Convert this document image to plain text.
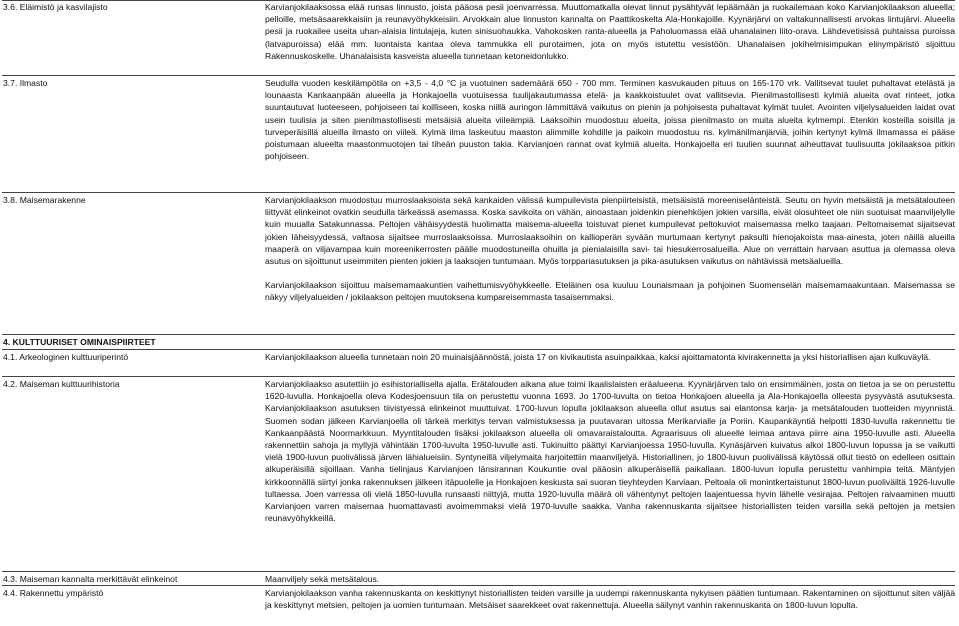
3.6. Eläimistö ja kasvilajisto	Karvianjokilaaksossa elää runsas linnusto, joista pääosa pesii joenvarressa. Muuttomatkalla olevat linnut pysähtyvät lepäämään ja ruokailemaan koko Karvianjokilaakson alueella; pelloille, metsäsaarekkaisiin ja reunavyöhykkeisiin. Arvokkain alue linnuston kannalta on Paattikoskelta Ala-Honkajoille. Kyynärjärvi on valtakunnallisesti arvokas lintujärvi. Alueella pesii ja ruokailee useita uhan-alaisia lintulajeja, kuten sinisuohaukka. Vahokosken ranta-alueella ja Paholuomassa elää uhanalainen liito-orava. Lähdevetisissä puhtaissa puroissa (latvapuroissa) elää mm. luontaista kantaa oleva tammukka eli purotaimen, jota on myös istutettu vesistöön. Uhanalaisen jokihelmisimpukan elinympäristö sijoittuu Rakennuskoskelle. Uhanalaisista kasveista alueella tunnetaan ketoneidonlukko.
3.7. Ilmasto	Seudulla vuoden keskilämpötila on +3,5 - 4,0 °C ja vuotuinen sademäärä 650 - 700 mm. Terminen kasvukauden pituus on 165-170 vrk. Vallitsevat tuulet puhaltavat etelästä ja lounaasta Kankaanpään alueella ja Honkajoella vuotuisessa tuulijakautumassa etelä- ja kaakkoistuulet ovat vallitsevia. Pienilmastollisesti kylmiä alueita ovat rinteet, jotka suuntautuvat luoteeseen, pohjoiseen tai koilliseen, koska niillä auringon lämmittävä vaikutus on pienin ja pohjoisesta puhaltavat kylmät tuulet. Avointen viljelysalueiden laidat ovat usein tuulisia ja siten pienilmastollisesti metsäisiä alueita viileämpiä. Laaksoihin muodostuu alueita, joissa pienilmasto on muita alueita kylmempi. Etenkin kosteilla soisilla ja turveperäisillä alueilla ilmasto on viileä. Kylmä ilma laskeutuu maaston alimmille kohdille ja paikoin muodostuu ns. kylmänilmanjärviä, joihin kertynyt kylmä ilmamassa ei pääse poistumaan alueelta maastonmuotojen tai tiheän puuston takia. Karvianjoen rannat ovat kylmiä alueita. Honkajoella eri tuulien suunnat aiheuttavat tuulisuutta jokilaaksoa pitkin pohjoiseen.
3.8. Maisemarakenne	Karvianjokilaakson muodostuu murroslaaksoista sekä kankaiden välissä kumpuilevista pienpiirteisistä, metsäisistä moreeniselänteistä. Seutu on hyvin metsäistä ja metsätalouteen liittyvät elinkeinot ovatkin seudulla tärkeässä asemassa. Koska savikoita on vähän, ainoastaan joidenkin pienehköjen jokien varsilla, eivät olosuhteet ole niin suotuisat maanviljelylle kuin muualla Satakunnassa. Peltojen vähäisyydestä huolimatta maisema-alueella toistuvat pienet kumpuilevat peltokuviot maisemassa melko taajaan. Peltomaisemat sijaitsevat jokien läheisyydessä, valtaosa sijaitsee murroslaaksoissa. Murroslaaksoihin on kallioperän syvään murtumaan kertynyt paksulti hienojakoista maa-ainesta, joten näillä alueilla maaperä on viljavampaa kuin moreenikerrosten päälle muodostuneilla ohuilla ja pienialaisilla savi- tai hiesukerrosalueilla. Alue on verrattain harvaan asuttua ja olemassa oleva asutus on sijoittunut useimmiten pienten jokien ja laaksojen tuntumaan. Myös torppariasutuksen ja pika-asutuksen vaikutus on nähtävissä metsäalueilla.

Karvianjokilaakson sijoittuu maisemamaakuntien vaihettumisvyöhykkeelle. Eteläinen osa kuuluu Lounaismaan ja pohjoinen Suomenselän maisemamaakuntaan. Maisemassa se näkyy viljelyalueiden / jokilaakson peltojen muutoksena kumpareisemmasta tasaisemmaksi.

4. KULTTUURISET OMINAISPIIRTEET
4.1. Arkeologinen kulttuuriperintö	Karvianjokilaakson alueella tunnetaan noin 20 muinaisjäännöstä, joista 17 on kivikautista asuinpaikkaa, kaksi ajoittamatonta kivirakennetta ja yksi historiallisen ajan kulkuväylä.
4.2. Maiseman kulttuurihistoria	Karvianjokilaakso asutettiin jo esihistoriallisella ajalla. Erätalouden aikana alue toimi lkaalislaisten eräalueena. Kyynärjärven talo on ensimmäinen, josta on tietoa ja se on perustettu 1620-luvulla. Honkajoella oleva Kodesjoensuun tila on perustettu vuonna 1693. Jo 1700-luvulta on tietoa Honkajoen alueella ja Ala-Honkajoella olleesta pysyvästä asutuksesta. Karvianjokilaakson asutuksen tiivistyessä elinkeinot muuttuivat. 1700-luvun lopulla jokilaakson alueella ollut asutus sai elantonsa karja- ja metsätalouden tuotteiden myynnistä. Suomen sodan jälkeen Karvianjoella oli tärkeä merkitys tervan valmistuksessa ja puutavaran uitossa Merikarvialle ja Poriin. Kaupankäyntiä helpotti 1830-luvulla rakennettu tie Kankaanpäästä Noormarkkuun. Myyntitalouden lisäksi jokilaakson alueella oli omavaraistaloutta. Agraarisuus oli alueelle leimaa antava piirre aina 1950-luvulle asti. Alueella rakennettiin sahoja ja myllyjä vähintään 1700-luvulta 1950-luvulle asti. Tukinuitto päättyi Karvianjoessa 1950-luvulla. Kynäsjärven kuivatus alkoi 1800-luvun lopussa ja se vaikutti vielä 1900-luvun puolivälissä järven lähialueisiin. Syntyneillä viljelymaita harjoitettiin maanviljelyä. Historiallinen, jo 1800-luvun puolivälissä käytössä ollut tiestö on edelleen osittain alkuperäisillä sijoillaan. Vanha tielinjaus Karvianjoen länsirannan Koukuntie oval pääosin alkuperäisellä paikallaan. 1800-luvun lopulla perustettu vanhimpia teitä. Mäntyjen kirkkoonnällä siirtyi jonka rakennuksen jälkeen itäpuolelle ja Honkajoen keskusta sai suoran tieyhteyden Karviaan. Peltoala oli monintkertaistunut 1800-luvun puoliväiltä 1926-luvulle tultaessa. Joen varressa oli vielä 1850-luvulla runsaasti niittyjä, mutta 1920-luvulla määrä oli vähentynyt peltojen laajentuessa hyvin lähelle vesirajaa. Peltojen raivaaminen muutti Karvianjoen varren maisemaa huomattavasti avoimemmaksi vielä 1970-luvulle saakka. Vanha rakennuskanta sijaitsee historiallisten teiden varsilla sekä peltojen ja metsien reunavyöhykkeillä.
4.3. Maiseman kannalta merkittävät elinkeinot	Maanviljely sekä metsätalous.
4.4. Rakennettu ympäristö	Karvianjokilaakson vanha rakennuskanta on keskittynyt historiallisten teiden varsille ja uudempi rakennuskanta nykyisen päätien tuntumaan. Rakentaminen on sijoittunut siten väljää ja keskittynyt metsien, peltojen ja uomien tuntumaan. Metsäiset saarekkeet ovat rakennettuja. Alueella säilynyt vanhin rakennuskanta on 1800-luvun lopulta.
